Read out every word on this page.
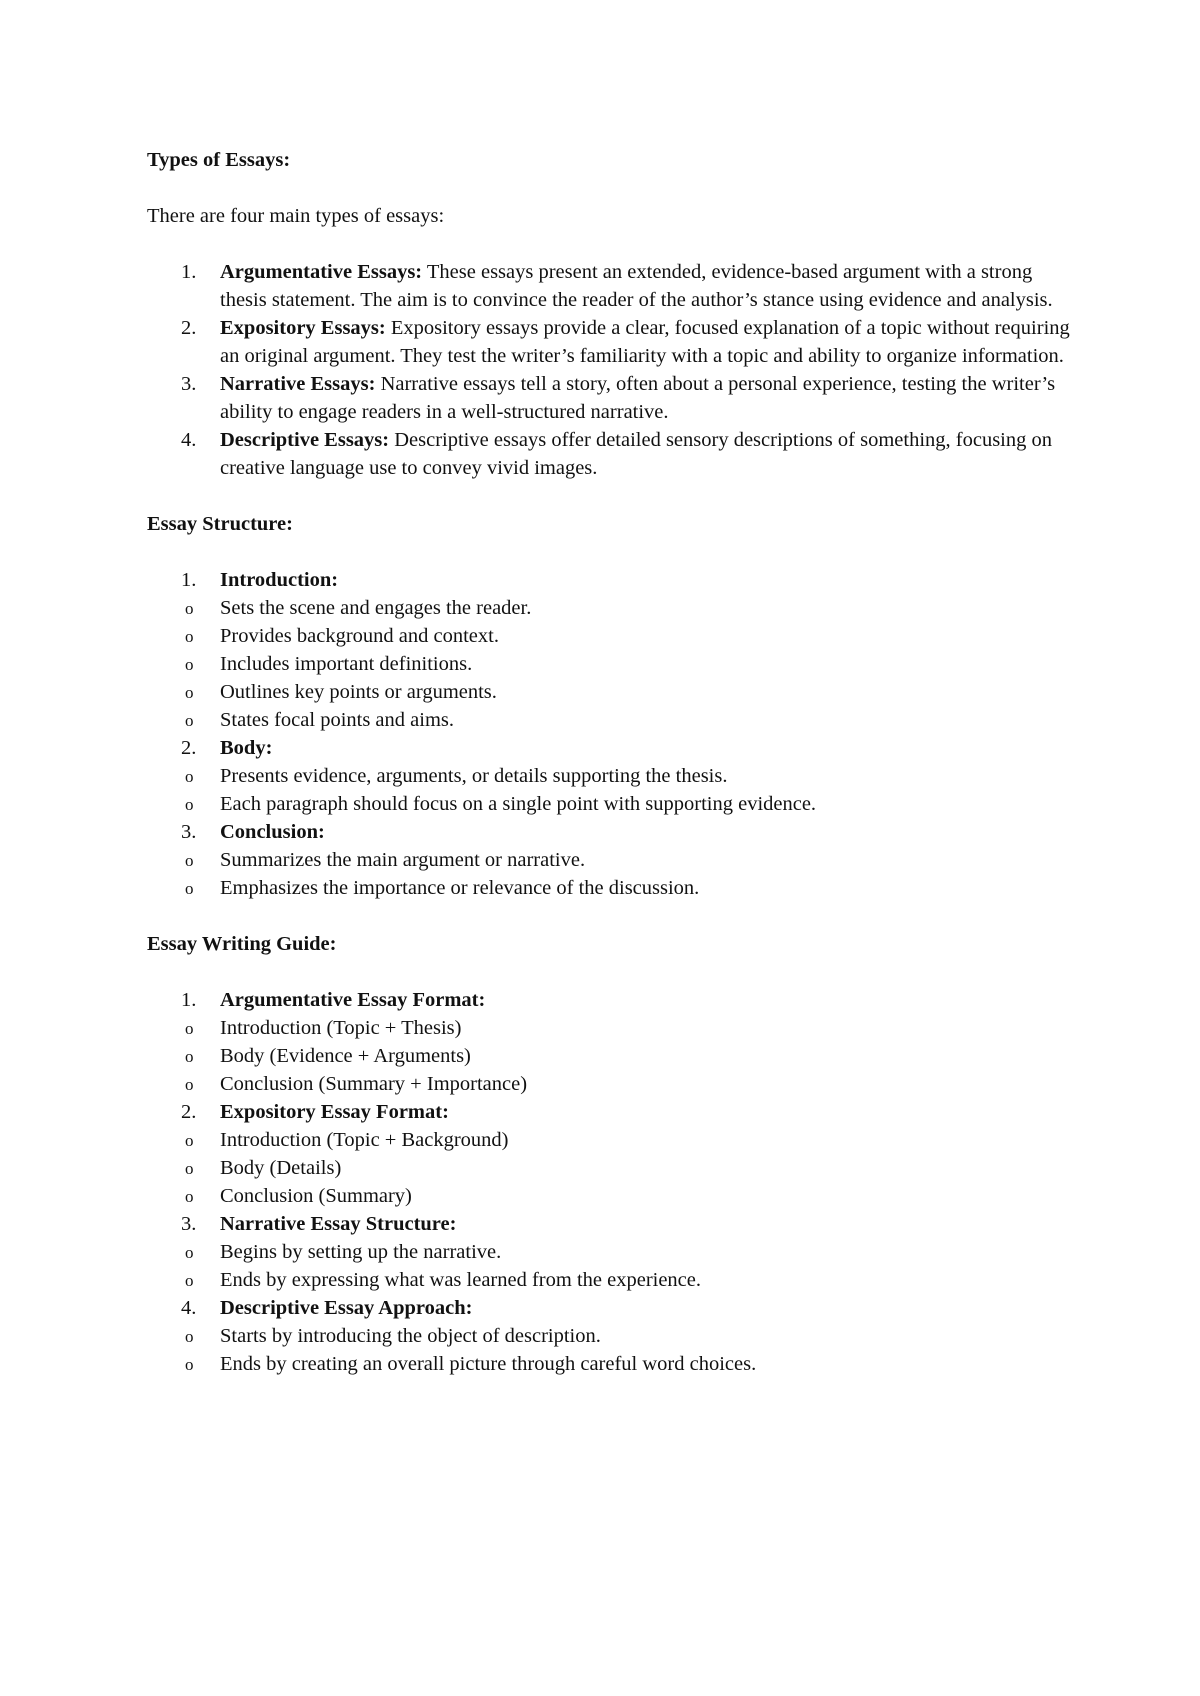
Types of Essays:

There are four main types of essays:

1. Argumentative Essays: These essays present an extended, evidence-based argument with a strong thesis statement. The aim is to convince the reader of the author’s stance using evidence and analysis.
2. Expository Essays: Expository essays provide a clear, focused explanation of a topic without requiring an original argument. They test the writer’s familiarity with a topic and ability to organize information.
3. Narrative Essays: Narrative essays tell a story, often about a personal experience, testing the writer’s ability to engage readers in a well-structured narrative.
4. Descriptive Essays: Descriptive essays offer detailed sensory descriptions of something, focusing on creative language use to convey vivid images.

Essay Structure:

1. Introduction:
o Sets the scene and engages the reader.
o Provides background and context.
o Includes important definitions.
o Outlines key points or arguments.
o States focal points and aims.
2. Body:
o Presents evidence, arguments, or details supporting the thesis.
o Each paragraph should focus on a single point with supporting evidence.
3. Conclusion:
o Summarizes the main argument or narrative.
o Emphasizes the importance or relevance of the discussion.

Essay Writing Guide:

1. Argumentative Essay Format:
o Introduction (Topic + Thesis)
o Body (Evidence + Arguments)
o Conclusion (Summary + Importance)
2. Expository Essay Format:
o Introduction (Topic + Background)
o Body (Details)
o Conclusion (Summary)
3. Narrative Essay Structure:
o Begins by setting up the narrative.
o Ends by expressing what was learned from the experience.
4. Descriptive Essay Approach:
o Starts by introducing the object of description.
o Ends by creating an overall picture through careful word choices.
